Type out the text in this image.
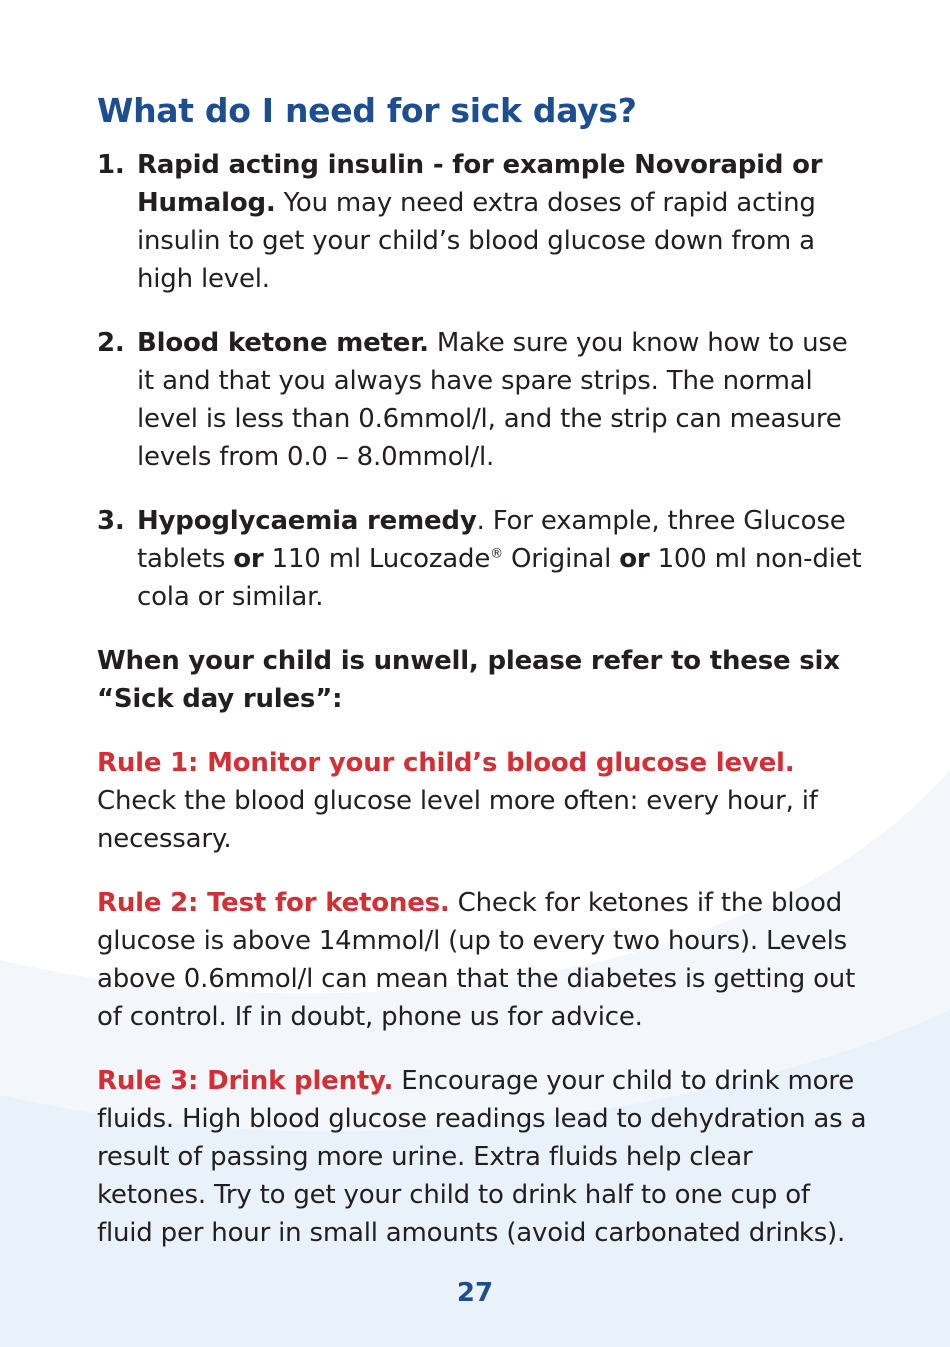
What do I need for sick days?
1. Rapid acting insulin - for example Novorapid or Humalog. You may need extra doses of rapid acting insulin to get your child’s blood glucose down from a high level.
2. Blood ketone meter. Make sure you know how to use it and that you always have spare strips. The normal level is less than 0.6mmol/l, and the strip can measure levels from 0.0 – 8.0mmol/l.
3. Hypoglycaemia remedy. For example, three Glucose tablets or 110 ml Lucozade® Original or 100 ml non-diet cola or similar.

When your child is unwell, please refer to these six “Sick day rules”:

Rule 1: Monitor your child’s blood glucose level.
Check the blood glucose level more often: every hour, if necessary.

Rule 2: Test for ketones. Check for ketones if the blood glucose is above 14mmol/l (up to every two hours). Levels above 0.6mmol/l can mean that the diabetes is getting out of control. If in doubt, phone us for advice.

Rule 3: Drink plenty. Encourage your child to drink more fluids. High blood glucose readings lead to dehydration as a result of passing more urine. Extra fluids help clear ketones. Try to get your child to drink half to one cup of fluid per hour in small amounts (avoid carbonated drinks).

27
